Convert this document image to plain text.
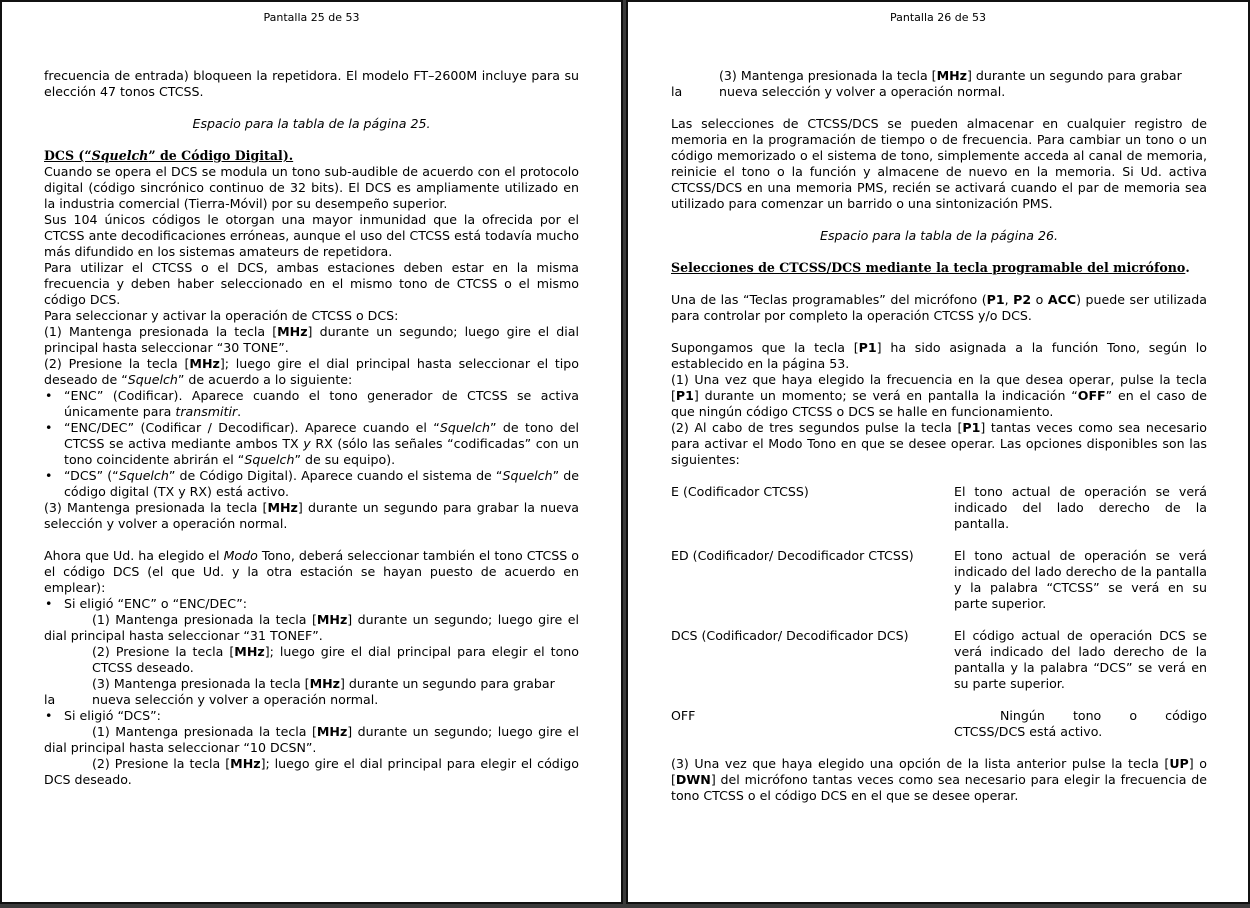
Pantalla 25 de 53

frecuencia de entrada) bloqueen la repetidora. El modelo FT–2600M incluye para su elección 47 tonos CTCSS.

Espacio para la tabla de la página 25.

DCS (“Squelch” de Código Digital).

Cuando se opera el DCS se modula un tono sub-audible de acuerdo con el protocolo digital (código sincrónico continuo de 32 bits). El DCS es ampliamente utilizado en la industria comercial (Tierra-Móvil) por su desempeño superior.

Sus 104 únicos códigos le otorgan una mayor inmunidad que la ofrecida por el CTCSS ante decodificaciones erróneas, aunque el uso del CTCSS está todavía mucho más difundido en los sistemas amateurs de repetidora.

Para utilizar el CTCSS o el DCS, ambas estaciones deben estar en la misma frecuencia y deben haber seleccionado en el mismo tono de CTCSS o el mismo código DCS.

Para seleccionar y activar la operación de CTCSS o DCS:

(1) Mantenga presionada la tecla [MHz] durante un segundo; luego gire el dial principal hasta seleccionar “30 TONE”.

(2) Presione la tecla [MHz]; luego gire el dial principal hasta seleccionar el tipo deseado de “Squelch” de acuerdo a lo siguiente:

• “ENC” (Codificar). Aparece cuando el tono generador de CTCSS se activa únicamente para transmitir.
• “ENC/DEC” (Codificar / Decodificar). Aparece cuando el “Squelch” de tono del CTCSS se activa mediante ambos TX y RX (sólo las señales “codificadas” con un tono coincidente abrirán el “Squelch” de su equipo).
• “DCS” (“Squelch” de Código Digital). Aparece cuando el sistema de “Squelch” de código digital (TX y RX) está activo.

(3) Mantenga presionada la tecla [MHz] durante un segundo para grabar la nueva selección y volver a operación normal.

Ahora que Ud. ha elegido el Modo Tono, deberá seleccionar también el tono CTCSS o el código DCS (el que Ud. y la otra estación se hayan puesto de acuerdo en emplear):

• Si eligió “ENC” o “ENC/DEC”:

(1) Mantenga presionada la tecla [MHz] durante un segundo; luego gire el dial principal hasta seleccionar “31 TONEF”.

(2) Presione la tecla [MHz]; luego gire el dial principal para elegir el tono CTCSS deseado.
(3) Mantenga presionada la tecla [MHz] durante un segundo para grabar
la	nueva selección y volver a operación normal.
• Si eligió “DCS”:

(1) Mantenga presionada la tecla [MHz] durante un segundo; luego gire el dial principal hasta seleccionar “10 DCSN”.

(2) Presione la tecla [MHz]; luego gire el dial principal para elegir el código DCS deseado.

Pantalla 26 de 53
(3) Mantenga presionada la tecla [MHz] durante un segundo para grabar
la	nueva selección y volver a operación normal.

Las selecciones de CTCSS/DCS se pueden almacenar en cualquier registro de memoria en la programación de tiempo o de frecuencia. Para cambiar un tono o un código memorizado o el sistema de tono, simplemente acceda al canal de memoria, reinicie el tono o la función y almacene de nuevo en la memoria. Si Ud. activa CTCSS/DCS en una memoria PMS, recién se activará cuando el par de memoria sea utilizado para comenzar un barrido o una sintonización PMS.

Espacio para la tabla de la página 26.

Selecciones de CTCSS/DCS mediante la tecla programable del micrófono.

Una de las “Teclas programables” del micrófono (P1, P2 o ACC) puede ser utilizada para controlar por completo la operación CTCSS y/o DCS.

Supongamos que la tecla [P1] ha sido asignada a la función Tono, según lo establecido en la página 53.

(1) Una vez que haya elegido la frecuencia en la que desea operar, pulse la tecla [P1] durante un momento; se verá en pantalla la indicación “OFF” en el caso de que ningún código CTCSS o DCS se halle en funcionamiento.

(2) Al cabo de tres segundos pulse la tecla [P1] tantas veces como sea necesario para activar el Modo Tono en que se desee operar. Las opciones disponibles son las siguientes:

E (Codificador CTCSS)	El tono actual de operación se verá indicado del lado derecho de la pantalla.
ED (Codificador/ Decodificador CTCSS)	El tono actual de operación se verá indicado del lado derecho de la pantalla y la palabra “CTCSS” se verá en su parte superior.
DCS (Codificador/ Decodificador DCS)	El código actual de operación DCS se verá indicado del lado derecho de la pantalla y la palabra “DCS” se verá en su parte superior.
OFF	Ningún tono o código
CTCSS/DCS está activo.

(3) Una vez que haya elegido una opción de la lista anterior pulse la tecla [UP] o [DWN] del micrófono tantas veces como sea necesario para elegir la frecuencia de tono CTCSS o el código DCS en el que se desee operar.
